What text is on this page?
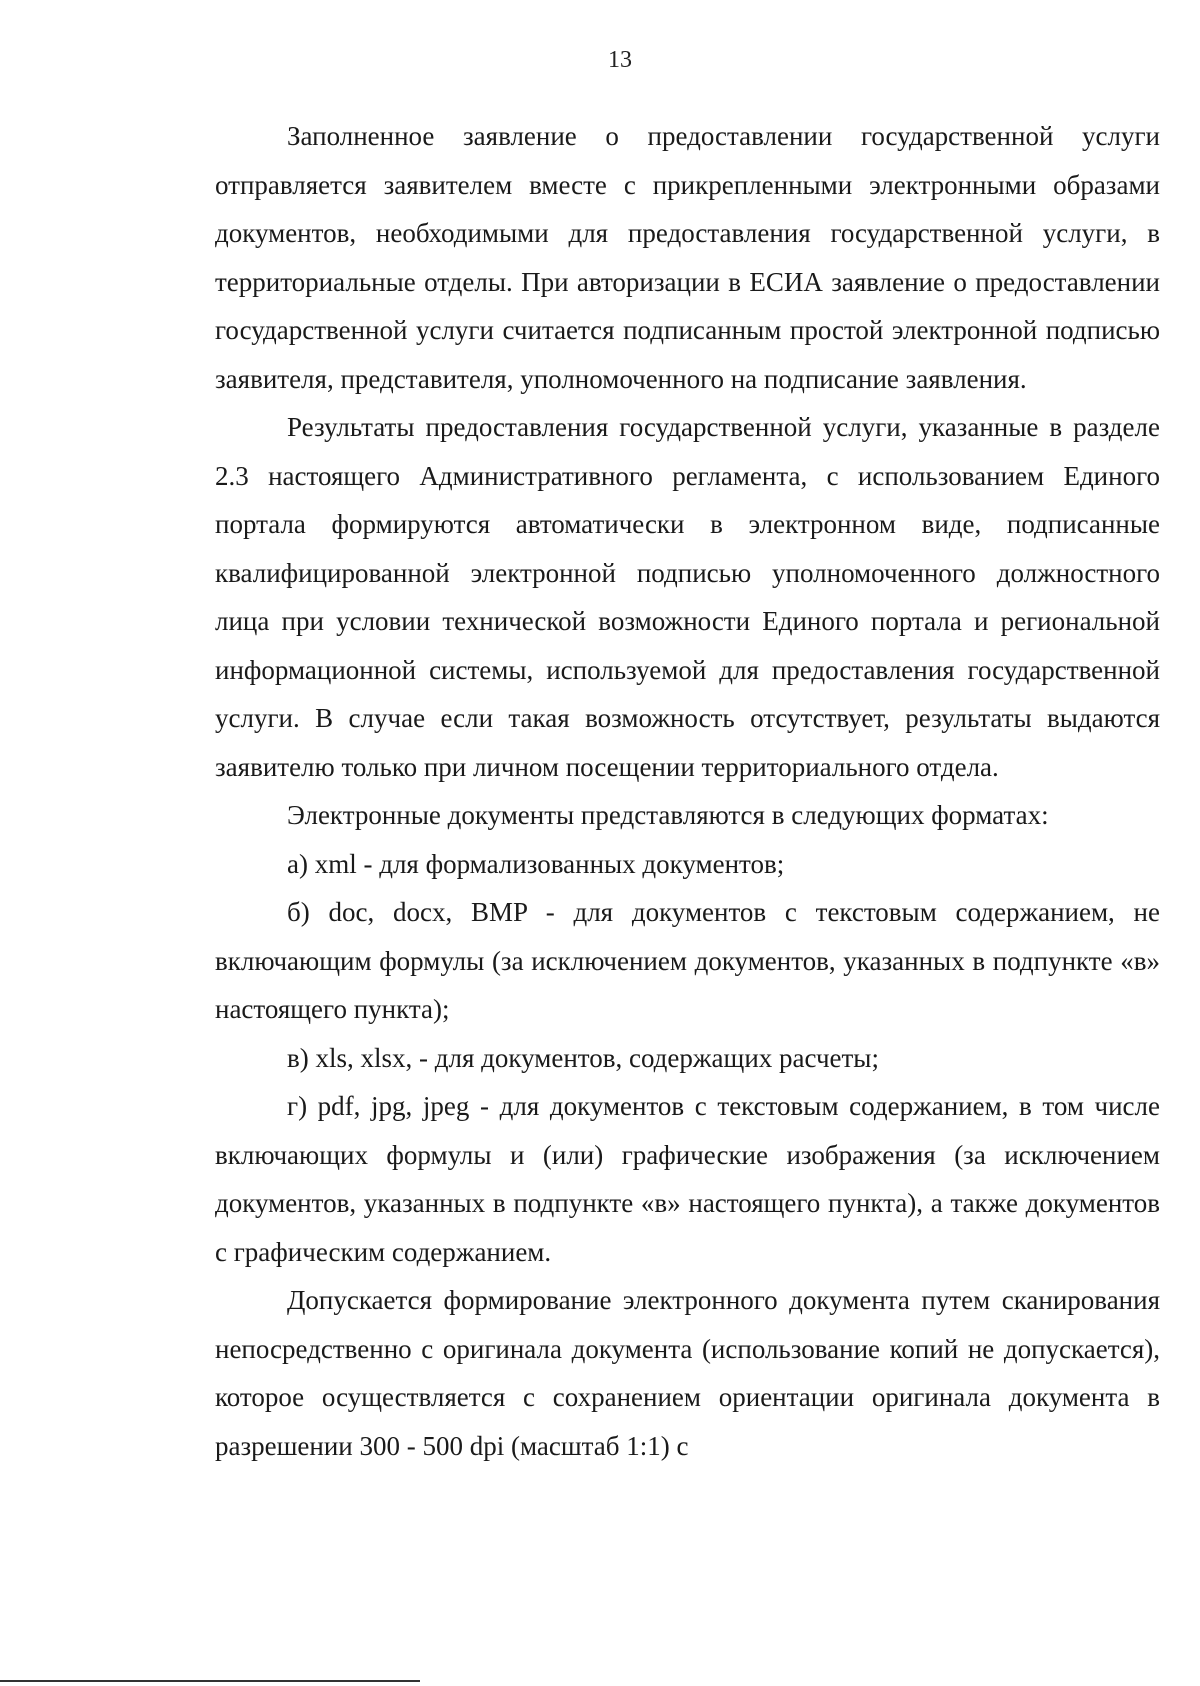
13

Заполненное заявление о предоставлении государственной услуги отправляется заявителем вместе с прикрепленными электронными образами документов, необходимыми для предоставления государственной услуги, в территориальные отделы. При авторизации в ЕСИА заявление о предоставлении государственной услуги считается подписанным простой электронной подписью заявителя, представителя, уполномоченного на подписание заявления.

Результаты предоставления государственной услуги, указанные в разделе 2.3 настоящего Административного регламента, с использованием Единого портала формируются автоматически в электронном виде, подписанные квалифицированной электронной подписью уполномоченного должностного лица при условии технической возможности Единого портала и региональной информационной системы, используемой для предоставления государственной услуги. В случае если такая возможность отсутствует, результаты выдаются заявителю только при личном посещении территориального отдела.

Электронные документы представляются в следующих форматах:

а) xml - для формализованных документов;

б) doc, docx, BMP - для документов с текстовым содержанием, не включающим формулы (за исключением документов, указанных в подпункте «в» настоящего пункта);

в) xls, xlsx, - для документов, содержащих расчеты;

г) pdf, jpg, jpeg - для документов с текстовым содержанием, в том числе включающих формулы и (или) графические изображения (за исключением документов, указанных в подпункте «в» настоящего пункта), а также документов с графическим содержанием.

Допускается формирование электронного документа путем сканирования непосредственно с оригинала документа (использование копий не допускается), которое осуществляется с сохранением ориентации оригинала документа в разрешении 300 - 500 dpi (масштаб 1:1) с
